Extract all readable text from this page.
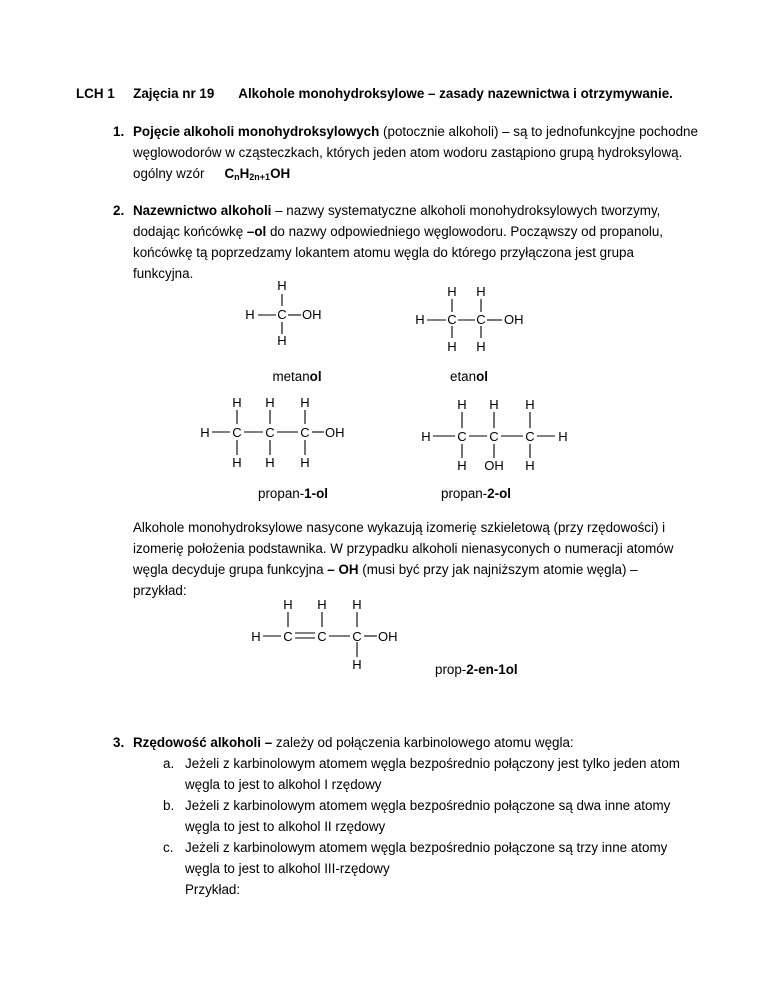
LCH 1 Zajęcia nr 19 Alkohole monohydroksylowe – zasady nazewnictwa i otrzymywanie.
1. Pojęcie alkoholi monohydroksylowych (potocznie alkoholi) – są to jednofunkcyjne pochodne
węglowodorów w cząsteczkach, których jeden atom wodoru zastąpiono grupą hydroksylową.
ogólny wzór $C_nH_{2n+1}OH$
2. Nazewnictwo alkoholi – nazwy systematyczne alkoholi monohydroksylowych tworzymy,
dodając końcówkę –ol do nazwy odpowiedniego węglowodoru. Począwszy od propanolu,
końcówkę tą poprzedzamy lokantem atomu węgla do którego przyłączona jest grupa
funkcyjna.
H
H C OH
H
H H
H C C OH
H H
H H H
H C C C OH
H H H
H H H
H C C C H
H OH H
metanol	etanol
propan-1-ol	propan-2-ol
Alkohole monohydroksylowe nasycone wykazują izomerię szkieletową (przy rzędowości) i
izomerię położenia podstawnika. W przypadku alkoholi nienasyconych o numeracji atomów
węgla decyduje grupa funkcyjna – OH (musi być przy jak najniższym atomie węgla) –
przykład:
H H H
H C C C OH
H	prop-2-en-1ol
3. Rzędowość alkoholi – zależy od połączenia karbinolowego atomu węgla:
a. Jeżeli z karbinolowym atomem węgla bezpośrednio połączony jest tylko jeden atom
węgla to jest to alkohol I rzędowy
b. Jeżeli z karbinolowym atomem węgla bezpośrednio połączone są dwa inne atomy
węgla to jest to alkohol II rzędowy
c. Jeżeli z karbinolowym atomem węgla bezpośrednio połączone są trzy inne atomy
węgla to jest to alkohol III-rzędowy
Przykład:
